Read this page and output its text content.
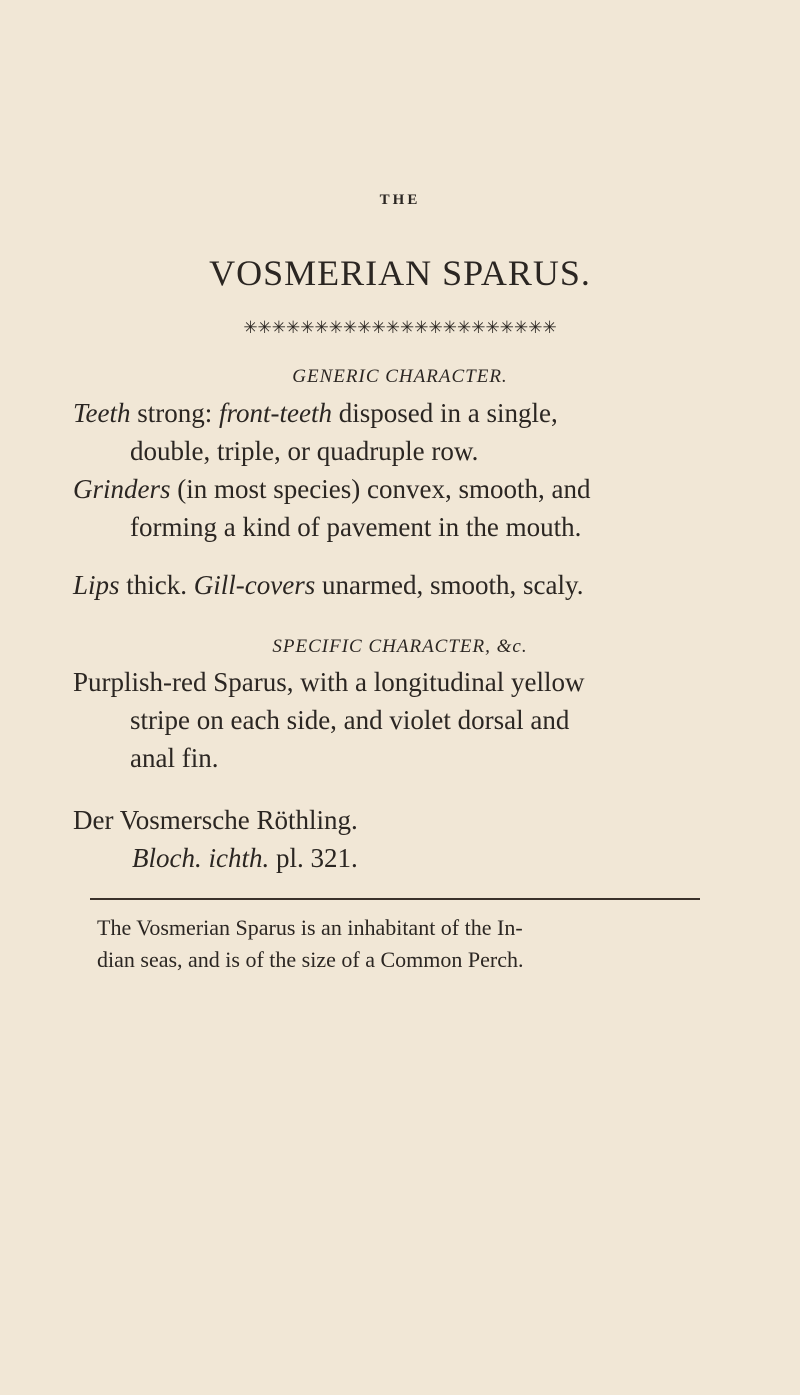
THE
VOSMERIAN SPARUS.
✳✳✳✳✳✳✳✳✳✳✳✳✳✳✳✳✳✳✳✳✳✳
GENERIC CHARACTER.
Teeth strong: front-teeth disposed in a single,
double, triple, or quadruple row.
Grinders (in most species) convex, smooth, and
forming a kind of pavement in the mouth.
Lips thick. Gill-covers unarmed, smooth, scaly.
SPECIFIC CHARACTER, &c.
Purplish-red Sparus, with a longitudinal yellow
stripe on each side, and violet dorsal and
anal fin.
Der Vosmersche Röthling.
Bloch. ichth. pl. 321.
The Vosmerian Sparus is an inhabitant of the In-
dian seas, and is of the size of a Common Perch.
